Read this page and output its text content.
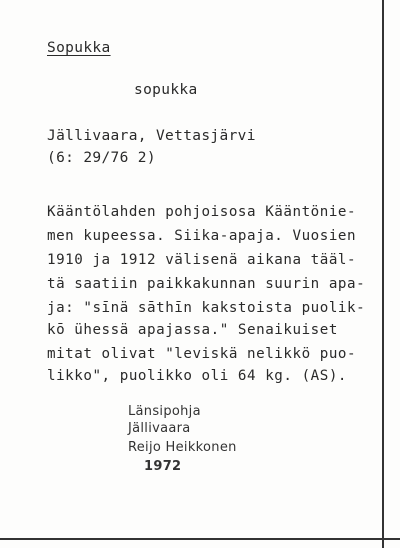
Sopukka
sopukka
Jällivaara, Vettasjärvi
(6: 29/76 2)
Kääntölahden pohjoisosa Kääntönie-
men kupeessa. Siika-apaja. Vuosien
1910 ja 1912 välisenä aikana tääl-
tä saatiin paikkakunnan suurin apa-
ja: "sīnä sāthīn kakstoista puolik-
kō ühessä apajassa." Senaikuiset
mitat olivat "leviskä nelikkö puo-
likko", puolikko oli 64 kg. (AS).
Länsipohja
Jällivaara
Reijo Heikkonen
1972
